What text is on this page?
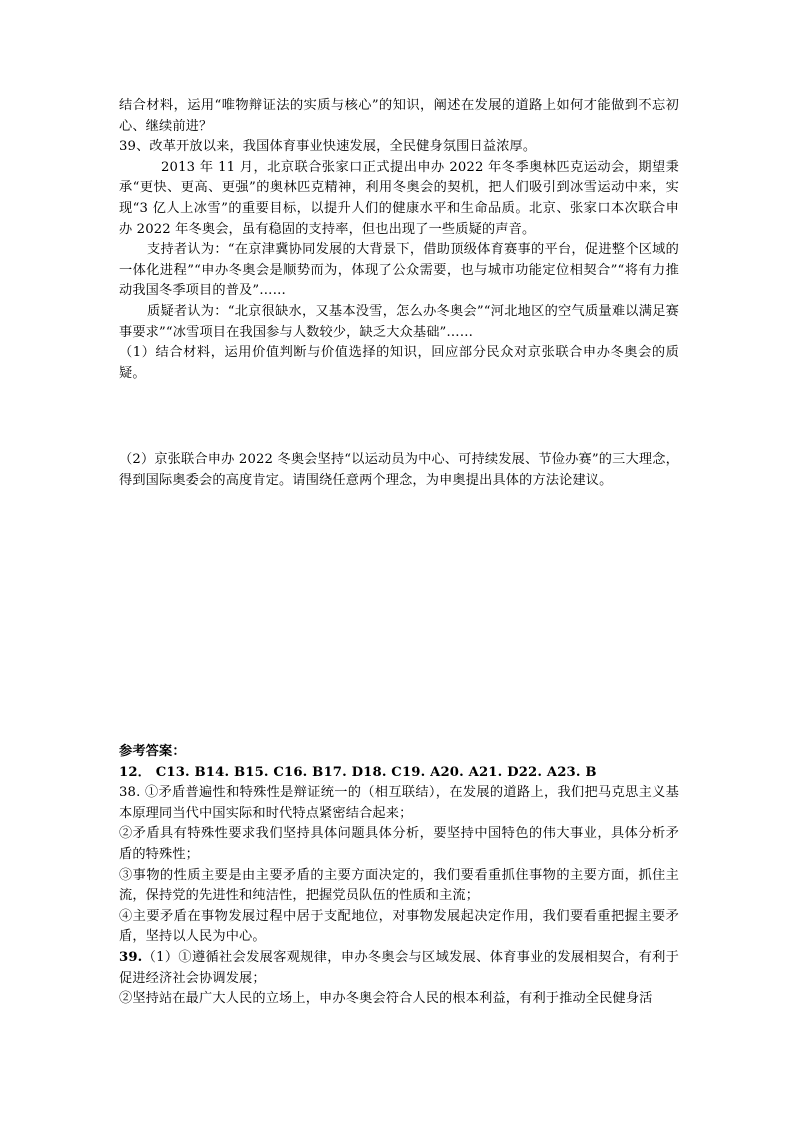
结合材料，运用“唯物辩证法的实质与核心”的知识，阐述在发展的道路上如何才能做到不忘初心、继续前进？

39、改革开放以来，我国体育事业快速发展，全民健身氛围日益浓厚。

2013 年 11 月，北京联合张家口正式提出申办 2022 年冬季奥林匹克运动会，期望秉承“更快、更高、更强”的奥林匹克精神，利用冬奥会的契机，把人们吸引到冰雪运动中来，实现“3 亿人上冰雪”的重要目标，以提升人们的健康水平和生命品质。北京、张家口本次联合申办 2022 年冬奥会，虽有稳固的支持率，但也出现了一些质疑的声音。

支持者认为：“在京津冀协同发展的大背景下，借助顶级体育赛事的平台，促进整个区域的一体化进程”“申办冬奥会是顺势而为，体现了公众需要，也与城市功能定位相契合”“将有力推动我国冬季项目的普及”……

质疑者认为：“北京很缺水，又基本没雪，怎么办冬奥会”“河北地区的空气质量难以满足赛事要求”“冰雪项目在我国参与人数较少，缺乏大众基础”……

（1）结合材料，运用价值判断与价值选择的知识，回应部分民众对京张联合申办冬奥会的质疑。

（2）京张联合申办 2022 冬奥会坚持“以运动员为中心、可持续发展、节俭办赛”的三大理念，得到国际奥委会的高度肯定。请围绕任意两个理念，为申奥提出具体的方法论建议。

参考答案：

12． C13. B14. B15. C16. B17. D18. C19. A20. A21. D22. A23. B

38. ①矛盾普遍性和特殊性是辩证统一的（相互联结），在发展的道路上，我们把马克思主义基本原理同当代中国实际和时代特点紧密结合起来；

②矛盾具有特殊性要求我们坚持具体问题具体分析，要坚持中国特色的伟大事业，具体分析矛盾的特殊性；

③事物的性质主要是由主要矛盾的主要方面决定的，我们要看重抓住事物的主要方面，抓住主流，保持党的先进性和纯洁性，把握党员队伍的性质和主流；

④主要矛盾在事物发展过程中居于支配地位，对事物发展起决定作用，我们要看重把握主要矛盾，坚持以人民为中心。

39.（1）①遵循社会发展客观规律，申办冬奥会与区域发展、体育事业的发展相契合，有利于促进经济社会协调发展；

②坚持站在最广大人民的立场上，申办冬奥会符合人民的根本利益，有利于推动全民健身活
